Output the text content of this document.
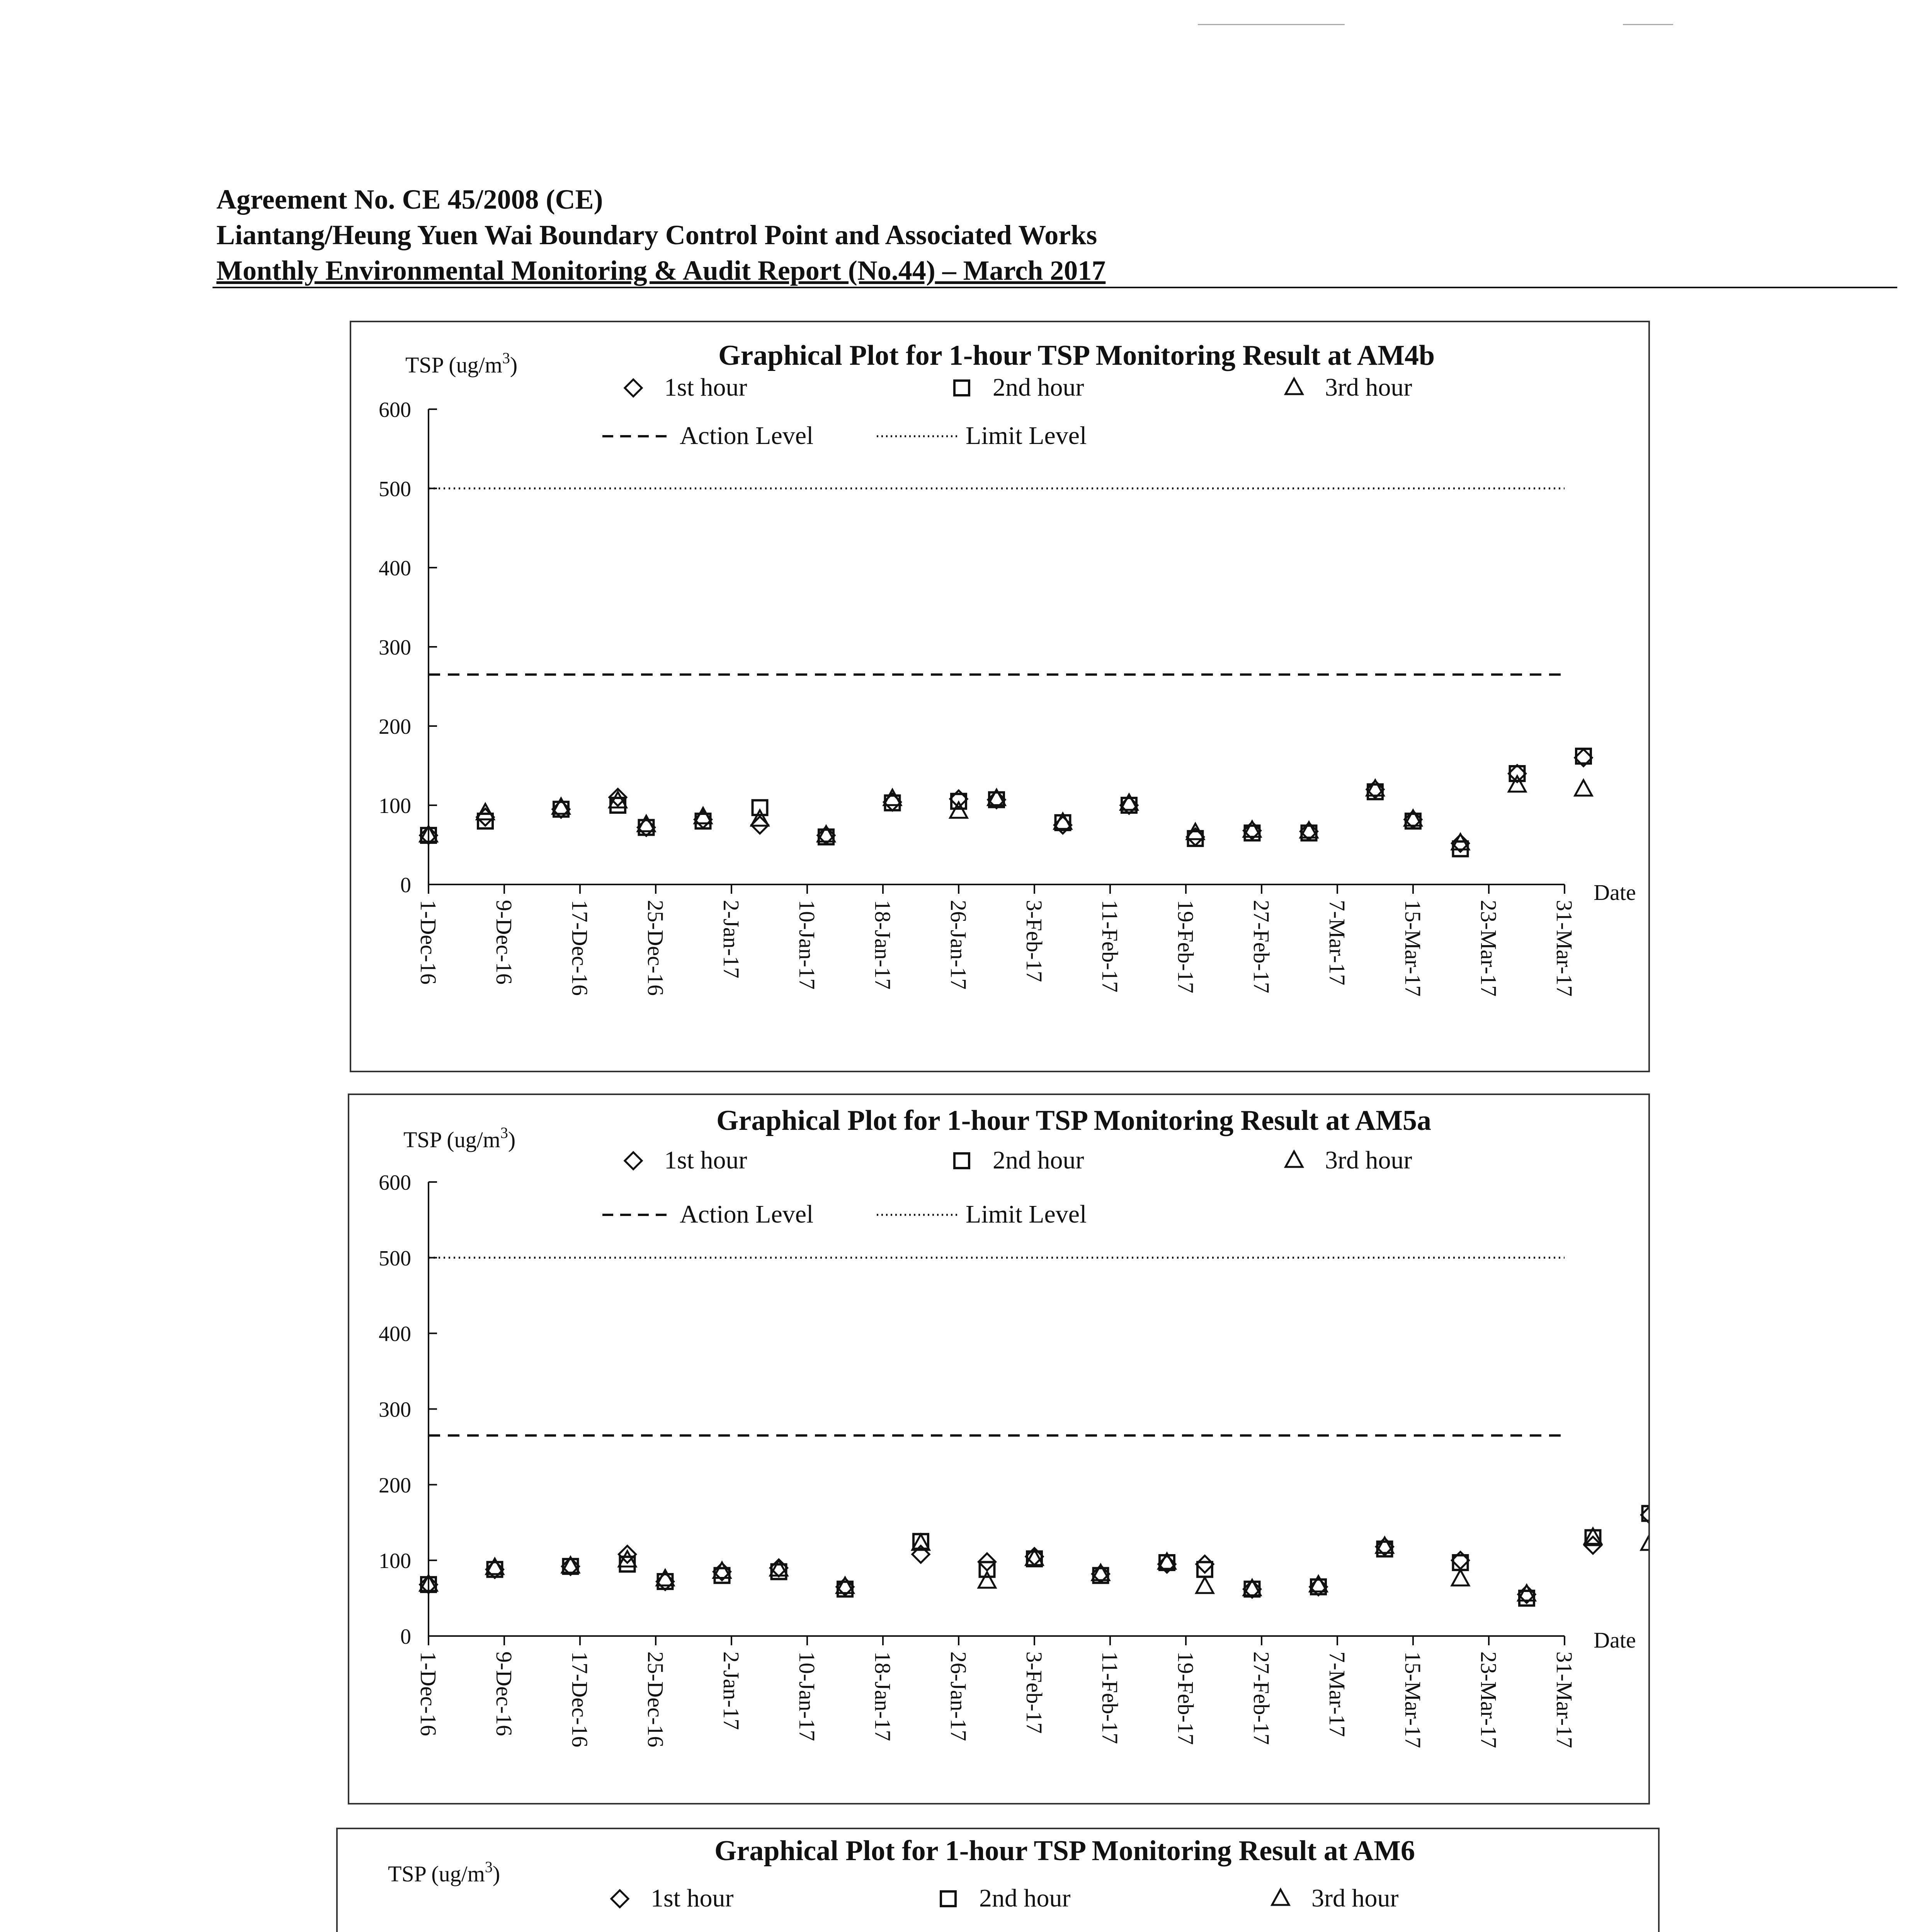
Agreement No. CE 45/2008 (CE)
Liantang/Heung Yuen Wai Boundary Control Point and Associated Works
Monthly Environmental Monitoring & Audit Report (No.44) – March 2017
Graphical Plot for 1-hour TSP Monitoring Result at AM4b
TSP $(ug/m^3)$
1st hour	2nd hour	3rd hour
Action Level	Limit Level
0
100
200
300
400
500
600
1-Dec-16 9-Dec-16 17-Dec-16 25-Dec-16 2-Jan-17 10-Jan-17 18-Jan-17 26-Jan-17 3-Feb-17 11-Feb-17 19-Feb-17 27-Feb-17 7-Mar-17 15-Mar-17 23-Mar-17 31-Mar-17
Date
Graphical Plot for 1-hour TSP Monitoring Result at AM5a
TSP $(ug/m^3)$
1st hour	2nd hour	3rd hour
Action Level	Limit Level
0
100
200
300
400
500
600
1-Dec-16 9-Dec-16 17-Dec-16 25-Dec-16 2-Jan-17 10-Jan-17 18-Jan-17 26-Jan-17 3-Feb-17 11-Feb-17 19-Feb-17 27-Feb-17 7-Mar-17 15-Mar-17 23-Mar-17 31-Mar-17
Date
Graphical Plot for 1-hour TSP Monitoring Result at AM6
TSP $(ug/m^3)$
1st hour	2nd hour	3rd hour
